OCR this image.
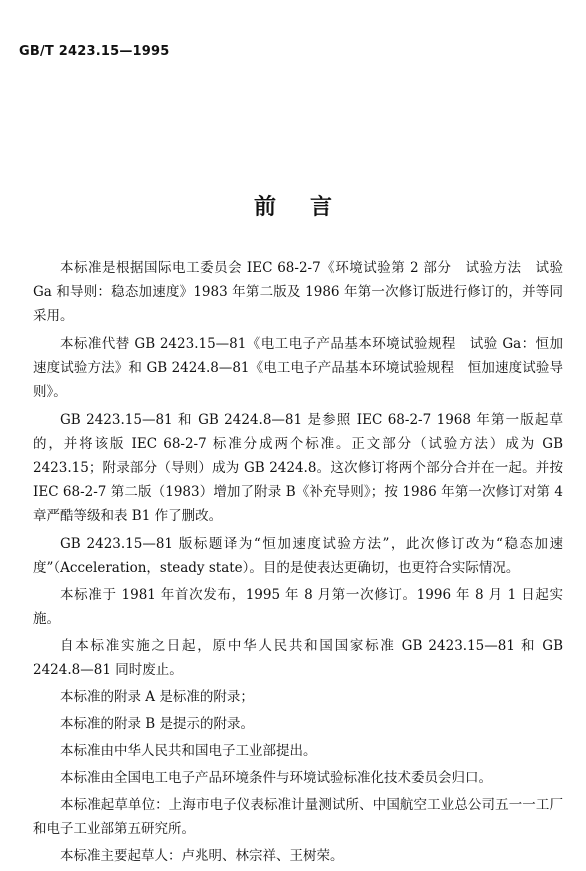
GB/T 2423.15—1995
前言

本标准是根据国际电工委员会 IEC 68-2-7《环境试验第 2 部分　试验方法　试验 Ga 和导则：稳态加速度》1983 年第二版及 1986 年第一次修订版进行修订的，并等同采用。

本标准代替 GB 2423.15—81《电工电子产品基本环境试验规程　试验 Ga：恒加速度试验方法》和 GB 2424.8—81《电工电子产品基本环境试验规程　恒加速度试验导则》。

GB 2423.15—81 和 GB 2424.8—81 是参照 IEC 68-2-7 1968 年第一版起草的，并将该版 IEC 68-2-7 标准分成两个标准。正文部分（试验方法）成为 GB 2423.15；附录部分（导则）成为 GB 2424.8。这次修订将两个部分合并在一起。并按 IEC 68-2-7 第二版（1983）增加了附录 B《补充导则》；按 1986 年第一次修订对第 4 章严酷等级和表 B1 作了删改。

GB 2423.15—81 版标题译为“恒加速度试验方法”，此次修订改为“稳态加速度”（Acceleration，steady state）。目的是使表达更确切，也更符合实际情况。

本标准于 1981 年首次发布，1995 年 8 月第一次修订。1996 年 8 月 1 日起实施。

自本标准实施之日起，原中华人民共和国国家标准 GB 2423.15—81 和 GB 2424.8—81 同时废止。

本标准的附录 A 是标准的附录；

本标准的附录 B 是提示的附录。

本标准由中华人民共和国电子工业部提出。

本标准由全国电工电子产品环境条件与环境试验标准化技术委员会归口。

本标准起草单位：上海市电子仪表标准计量测试所、中国航空工业总公司五一一工厂和电子工业部第五研究所。

本标准主要起草人：卢兆明、林宗祥、王树荣。
